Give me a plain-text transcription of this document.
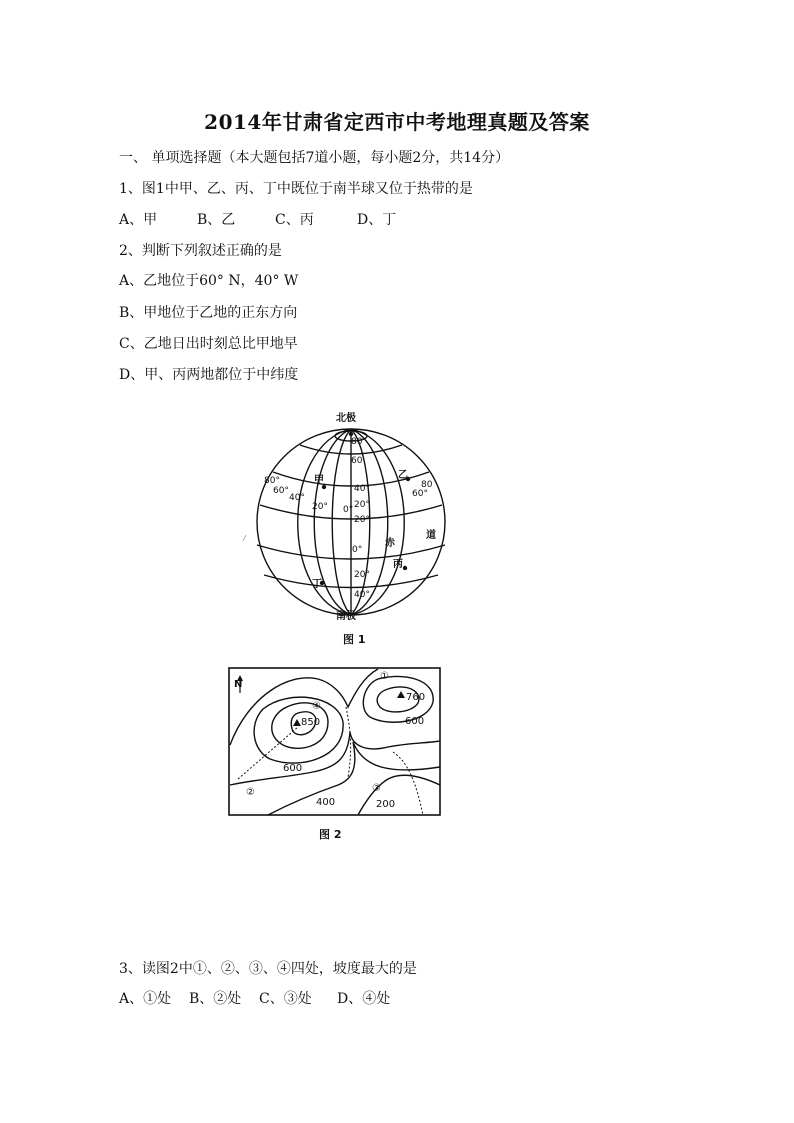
2014年甘肃省定西市中考地理真题及答案
一、 单项选择题（本大题包括7道小题，每小题2分，共14分）
1、图1中甲、乙、丙、丁中既位于南半球又位于热带的是
A、甲	B、乙	C、丙	D、丁
2、判断下列叙述正确的是
A、乙地位于60° N，40° W
B、甲地位于乙地的正东方向
C、乙地日出时刻总比甲地早
D、甲、丙两地都位于中纬度
北极
南极
甲	乙
丙
丁
赤
道
80
60
40°
20°
0°
20°
0°
20°
40°
80°
60°
40°
20°
80
60°
图 1
N
①
②	③
④
760
850	600
600
400	200
图 2
3、读图2中①、②、③、④四处，坡度最大的是
A、①处 B、②处 C、③处 D、④处
